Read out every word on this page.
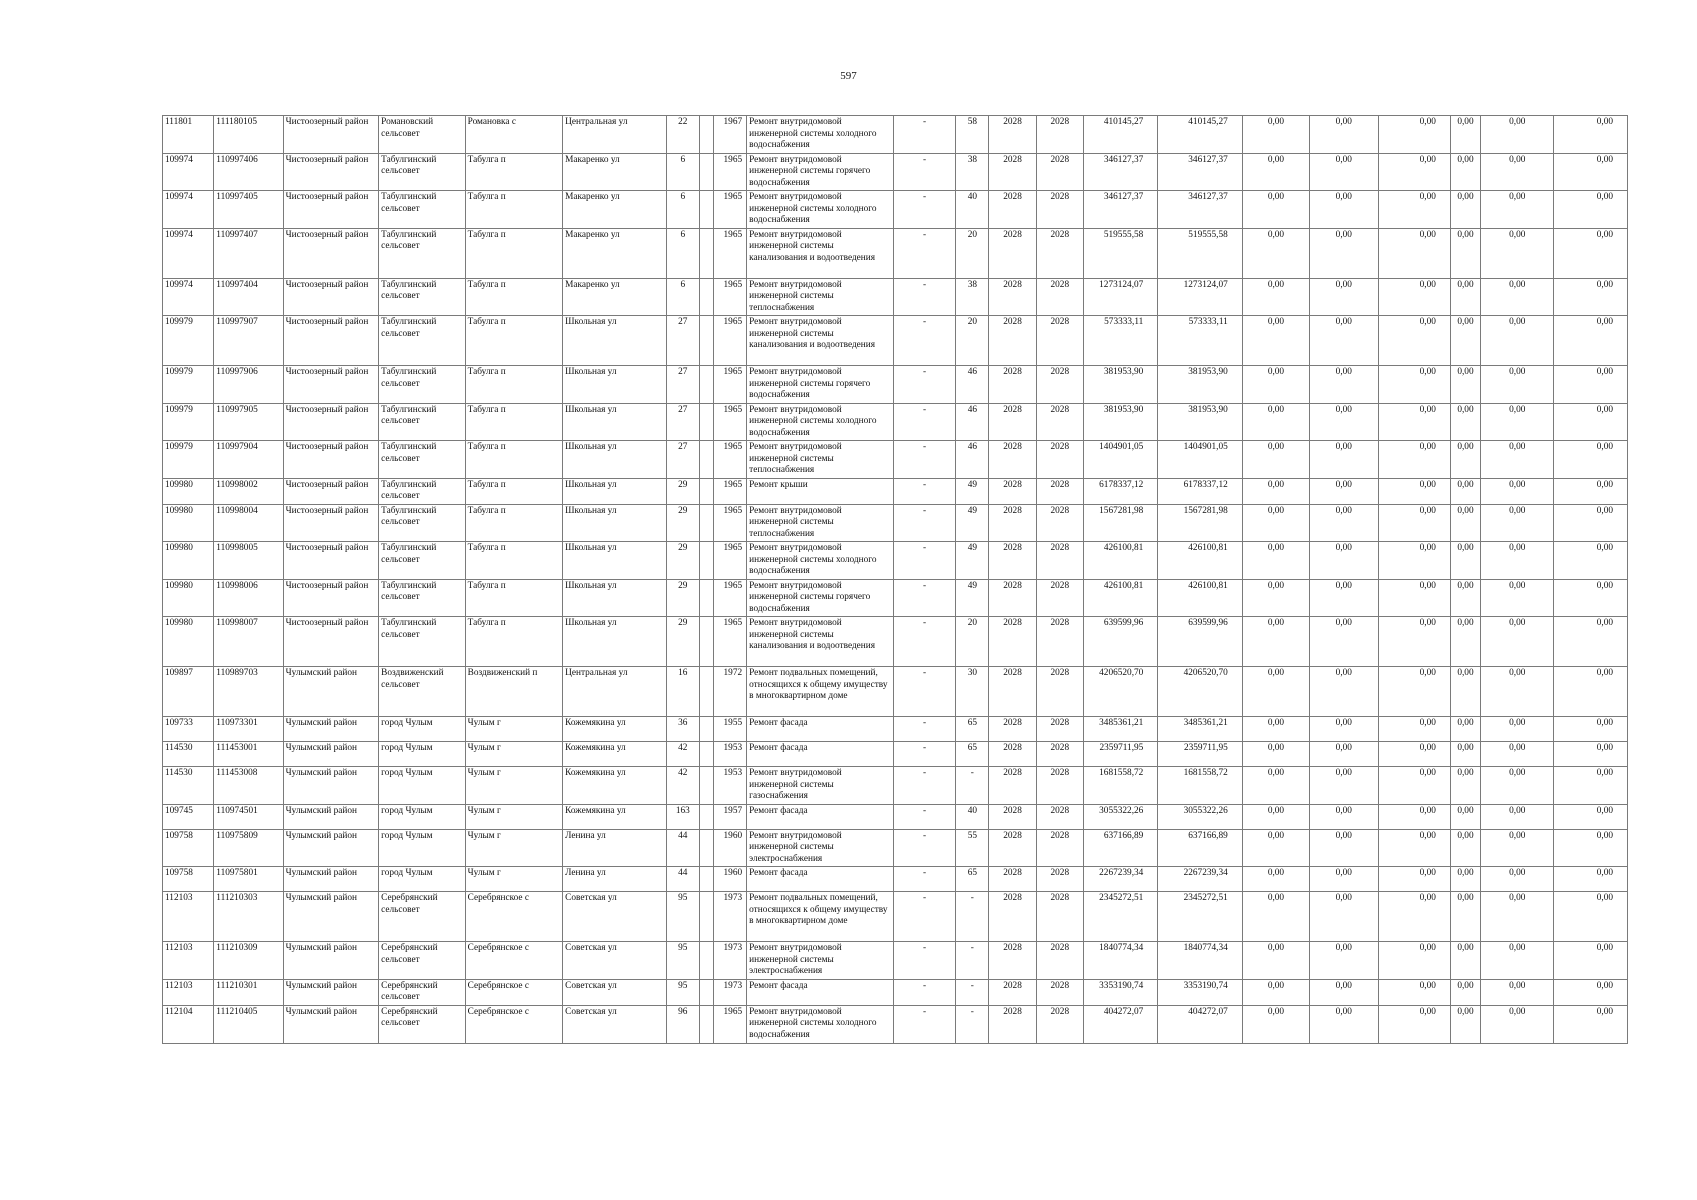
597
111801	111180105	Чистоозерный район	Романовский сельсовет	Романовка с	Центральная ул	22		1967	Ремонт внутридомовой инженерной системы холодного водоснабжения	-	58	2028	2028	410145,27	410145,27	0,00	0,00	0,00	0,00	0,00	0,00
109974	110997406	Чистоозерный район	Табулгинский сельсовет	Табулга п	Макаренко ул	6		1965	Ремонт внутридомовой инженерной системы горячего водоснабжения	-	38	2028	2028	346127,37	346127,37	0,00	0,00	0,00	0,00	0,00	0,00
109974	110997405	Чистоозерный район	Табулгинский сельсовет	Табулга п	Макаренко ул	6		1965	Ремонт внутридомовой инженерной системы холодного водоснабжения	-	40	2028	2028	346127,37	346127,37	0,00	0,00	0,00	0,00	0,00	0,00
109974	110997407	Чистоозерный район	Табулгинский сельсовет	Табулга п	Макаренко ул	6		1965	Ремонт внутридомовой инженерной системы канализования и водоотведения	-	20	2028	2028	519555,58	519555,58	0,00	0,00	0,00	0,00	0,00	0,00
109974	110997404	Чистоозерный район	Табулгинский сельсовет	Табулга п	Макаренко ул	6		1965	Ремонт внутридомовой инженерной системы теплоснабжения	-	38	2028	2028	1273124,07	1273124,07	0,00	0,00	0,00	0,00	0,00	0,00
109979	110997907	Чистоозерный район	Табулгинский сельсовет	Табулга п	Школьная ул	27		1965	Ремонт внутридомовой инженерной системы канализования и водоотведения	-	20	2028	2028	573333,11	573333,11	0,00	0,00	0,00	0,00	0,00	0,00
109979	110997906	Чистоозерный район	Табулгинский сельсовет	Табулга п	Школьная ул	27		1965	Ремонт внутридомовой инженерной системы горячего водоснабжения	-	46	2028	2028	381953,90	381953,90	0,00	0,00	0,00	0,00	0,00	0,00
109979	110997905	Чистоозерный район	Табулгинский сельсовет	Табулга п	Школьная ул	27		1965	Ремонт внутридомовой инженерной системы холодного водоснабжения	-	46	2028	2028	381953,90	381953,90	0,00	0,00	0,00	0,00	0,00	0,00
109979	110997904	Чистоозерный район	Табулгинский сельсовет	Табулга п	Школьная ул	27		1965	Ремонт внутридомовой инженерной системы теплоснабжения	-	46	2028	2028	1404901,05	1404901,05	0,00	0,00	0,00	0,00	0,00	0,00
109980	110998002	Чистоозерный район	Табулгинский сельсовет	Табулга п	Школьная ул	29		1965	Ремонт крыши	-	49	2028	2028	6178337,12	6178337,12	0,00	0,00	0,00	0,00	0,00	0,00
109980	110998004	Чистоозерный район	Табулгинский сельсовет	Табулга п	Школьная ул	29		1965	Ремонт внутридомовой инженерной системы теплоснабжения	-	49	2028	2028	1567281,98	1567281,98	0,00	0,00	0,00	0,00	0,00	0,00
109980	110998005	Чистоозерный район	Табулгинский сельсовет	Табулга п	Школьная ул	29		1965	Ремонт внутридомовой инженерной системы холодного водоснабжения	-	49	2028	2028	426100,81	426100,81	0,00	0,00	0,00	0,00	0,00	0,00
109980	110998006	Чистоозерный район	Табулгинский сельсовет	Табулга п	Школьная ул	29		1965	Ремонт внутридомовой инженерной системы горячего водоснабжения	-	49	2028	2028	426100,81	426100,81	0,00	0,00	0,00	0,00	0,00	0,00
109980	110998007	Чистоозерный район	Табулгинский сельсовет	Табулга п	Школьная ул	29		1965	Ремонт внутридомовой инженерной системы канализования и водоотведения	-	20	2028	2028	639599,96	639599,96	0,00	0,00	0,00	0,00	0,00	0,00
109897	110989703	Чулымский район	Воздвиженский сельсовет	Воздвиженский п	Центральная ул	16		1972	Ремонт подвальных помещений, относящихся к общему имуществу в многоквартирном доме	-	30	2028	2028	4206520,70	4206520,70	0,00	0,00	0,00	0,00	0,00	0,00
109733	110973301	Чулымский район	город Чулым	Чулым г	Кожемякина ул	36		1955	Ремонт фасада	-	65	2028	2028	3485361,21	3485361,21	0,00	0,00	0,00	0,00	0,00	0,00
114530	111453001	Чулымский район	город Чулым	Чулым г	Кожемякина ул	42		1953	Ремонт фасада	-	65	2028	2028	2359711,95	2359711,95	0,00	0,00	0,00	0,00	0,00	0,00
114530	111453008	Чулымский район	город Чулым	Чулым г	Кожемякина ул	42		1953	Ремонт внутридомовой инженерной системы газоснабжения	-	-	2028	2028	1681558,72	1681558,72	0,00	0,00	0,00	0,00	0,00	0,00
109745	110974501	Чулымский район	город Чулым	Чулым г	Кожемякина ул	163		1957	Ремонт фасада	-	40	2028	2028	3055322,26	3055322,26	0,00	0,00	0,00	0,00	0,00	0,00
109758	110975809	Чулымский район	город Чулым	Чулым г	Ленина ул	44		1960	Ремонт внутридомовой инженерной системы электроснабжения	-	55	2028	2028	637166,89	637166,89	0,00	0,00	0,00	0,00	0,00	0,00
109758	110975801	Чулымский район	город Чулым	Чулым г	Ленина ул	44		1960	Ремонт фасада	-	65	2028	2028	2267239,34	2267239,34	0,00	0,00	0,00	0,00	0,00	0,00
112103	111210303	Чулымский район	Серебрянский сельсовет	Серебрянское с	Советская ул	95		1973	Ремонт подвальных помещений, относящихся к общему имуществу в многоквартирном доме	-	-	2028	2028	2345272,51	2345272,51	0,00	0,00	0,00	0,00	0,00	0,00
112103	111210309	Чулымский район	Серебрянский сельсовет	Серебрянское с	Советская ул	95		1973	Ремонт внутридомовой инженерной системы электроснабжения	-	-	2028	2028	1840774,34	1840774,34	0,00	0,00	0,00	0,00	0,00	0,00
112103	111210301	Чулымский район	Серебрянский сельсовет	Серебрянское с	Советская ул	95		1973	Ремонт фасада	-	-	2028	2028	3353190,74	3353190,74	0,00	0,00	0,00	0,00	0,00	0,00
112104	111210405	Чулымский район	Серебрянский сельсовет	Серебрянское с	Советская ул	96		1965	Ремонт внутридомовой инженерной системы холодного водоснабжения	-	-	2028	2028	404272,07	404272,07	0,00	0,00	0,00	0,00	0,00	0,00
